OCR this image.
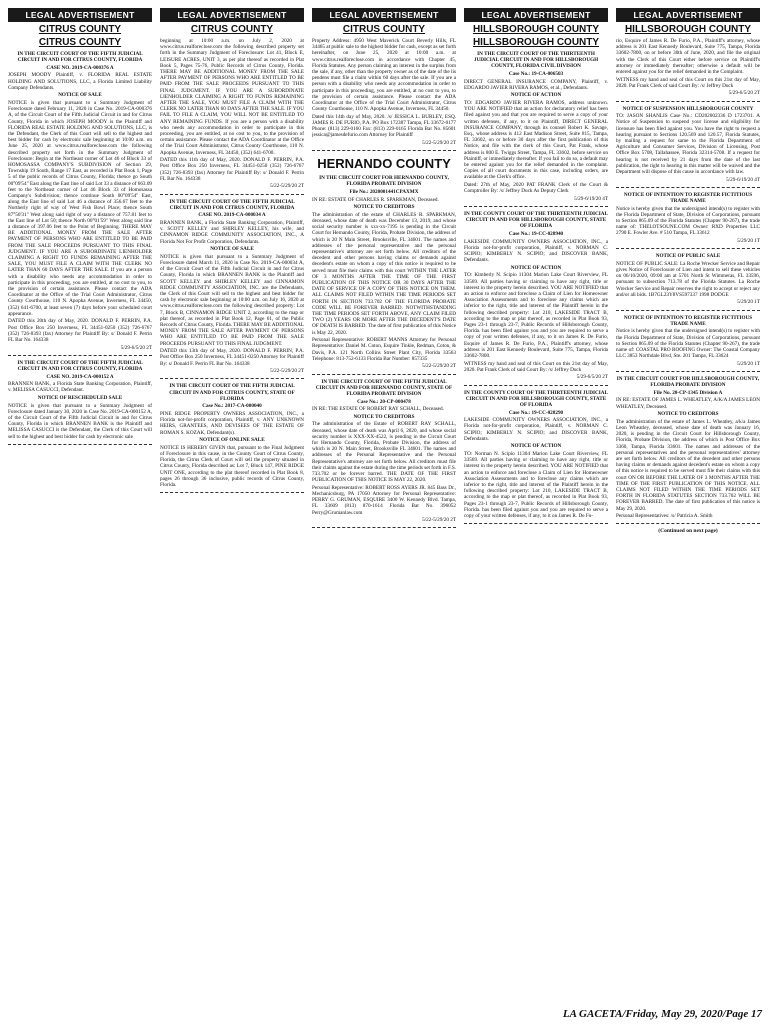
LEGAL ADVERTISEMENT
CITRUS COUNTY
CITRUS COUNTY

IN THE CIRCUIT COURT OF THE FIFTH JUDICIAL CIRCUIT IN AND FOR CITRUS COUNTY, FLORIDA

CASE NO. 2019-CA-000376 A

JOSEPH MOODY Plaintiff, v. FLORIDA REAL ESTATE HOLDING AND SOLUTIONS, LLC, a Florida Limited Liability Company Defendants.

NOTICE OF SALE

NOTICE is given that pursuant to a Summary Judgment of Foreclosure dated February 11, 2020 in Case No. 2019-CA-000376 A, of the Circuit Court of the Fifth Judicial Circuit in and for Citrus County, Florida in which JOSEPH MOODY is the Plaintiff and FLORIDA REAL ESTATE HOLDING AND SOLUTIONS, LLC, is the Defendant, the Clerk of this Court will sell to the highest and best bidder for cash by electronic sale beginning at 10:00 a.m. on June 25, 2020 at www.citrus.realforeclose.com the following described property set forth in the Summary Judgment of Foreclosure: Begin at the Northeast corner of Lot 46 of Block 33 of HOMOSASSA COMPANY'S SUBDIVISION of Section 29, Township 19 South, Range 17 East, as recorded in Plat Book 1, Page 5 of the public records of Citrus County, Florida; thence go South 00°09'54" East along the East line of said Lot 33 a distance of 663.09 feet to the Northeast corner of Lot 46 Block 33 of Homosassa Company's Subdivision; thence continue South 00°09'54" East, along the East line of said Lot 46 a distance of 356.67 feet to the Northerly right of way of West Fish Bowl Place; thence South 87°50'31" West along said right of way a distance of 757.81 feet to the East line of Lot 50; thence North 00°01'59" West along said line a distance of 397.06 feet to the Point of Beginning. THERE MAY BE ADDITIONAL MONEY FROM THE SALE AFTER PAYMENT OF PERSONS WHO ARE ENTITLED TO BE PAID FROM THE SALE PROCEEDS PURSUANT TO THIS FINAL JUDGMENT. IF YOU ARE A SUBORDINATE LIENHOLDER CLAIMING A RIGHT TO FUNDS REMAINING AFTER THE SALE, YOU MUST FILE A CLAIM WITH THE CLERK NO LATER THAN 60 DAYS AFTER THE SALE. If you are a person with a disability who needs any accommodation in order to participate in this proceeding, you are entitled, at no cost to you, to the provision of certain assistance. Please contact the ADA Coordinator at the Office of the Trial Court Administrator, Citrus County Courthouse, 110 N. Apopka Avenue, Inverness, FL 34450, (352) 641-6700, at least seven (7) days before your scheduled court appearance.

DATED this 20th day of May, 2020. DONALD F. PERRIN, P.A. Post Office Box 250 Inverness, FL 34451-0250 (352) 726-6767 (352) 726-8393 (fax) Attorney for Plaintiff By: s/ Donald F. Perrin FL Bar No. 164338

5/29-6/5/20 2T

IN THE CIRCUIT COURT OF THE FIFTH JUDICIAL CIRCUIT IN AND FOR CITRUS COUNTY, FLORIDA

CASE NO. 2019-CA-000152 A

BRANNEN BANK, a Florida State Banking Corporation, Plaintiff, v. MELISSA CASUCCI, Defendant.

NOTICE OF RESCHEDULED SALE

NOTICE is given that pursuant to a Summary Judgment of Foreclosure dated January 30, 2020 in Case No. 2019-CA-000152 A, of the Circuit Court of the Fifth Judicial Circuit in and for Citrus County, Florida in which BRANNEN BANK is the Plaintiff and MELISSA CASUCCI is the Defendant, the Clerk of this Court will sell to the highest and best bidder for cash by electronic sale

LEGAL ADVERTISEMENT
CITRUS COUNTY

beginning at 10:00 a.m. on July 2, 2020 at www.citrus.realforeclose.com the following described property set forth in the Summary Judgment of Foreclosure: Lot 41, Block E, LEISURE ACRES, UNIT 3, as per plat thereof as recorded in Plat Book 5, Pages 75-76, Public Records of Citrus County, Florida. THERE MAY BE ADDITIONAL MONEY FROM THE SALE AFTER PAYMENT OF PERSONS WHO ARE ENTITLED TO BE PAID FROM THE SALE PROCEEDS PURSUANT TO THIS FINAL JUDGMENT. IF YOU ARE A SUBORDINATE LIENHOLDER CLAIMING A RIGHT TO FUNDS REMAINING AFTER THE SALE, YOU MUST FILE A CLAIM WITH THE CLERK NO LATER THAN 60 DAYS AFTER THE SALE. IF YOU FAIL TO FILE A CLAIM, YOU WILL NOT BE ENTITLED TO ANY REMAINING FUNDS. If you are a person with a disability who needs any accommodation in order to participate in this proceeding, you are entitled, at no cost to you, to the provision of certain assistance. Please contact the ADA Coordinator at the Office of the Trial Court Administrator, Citrus County Courthouse, 110 N. Apopka Avenue, Inverness, FL 34450, (352) 641-6700.

DATED this 11th day of May, 2020. DONALD F. PERRIN, P.A. Post Office Box 250 Inverness, FL 34451-0250 (352) 726-6767 (352) 726-8393 (fax) Attorney for Plaintiff By: s/ Donald F. Perrin FL Bar No. 164338

5/22-5/29/20 2T

IN THE CIRCUIT COURT OF THE FIFTH JUDICIAL CIRCUIT IN AND FOR CITRUS COUNTY, FLORIDA

CASE NO. 2019-CA-000034 A

BRANNEN BANK, a Florida State Banking Corporation, Plaintiff, v. SCOTT KELLEY and SHIRLEY KELLEY, his wife, and CINNAMON RIDGE COMMUNITY ASSOCIATION, INC., A Florida Not For Profit Corporation, Defendants.

NOTICE OF SALE

NOTICE is given that pursuant to a Summary Judgment of Foreclosure dated March 11, 2020 in Case No. 2019-CA-000034 A, of the Circuit Court of the Fifth Judicial Circuit in and for Citrus County, Florida in which BRANNEN BANK is the Plaintiff and SCOTT KELLEY and SHIRLEY KELLEY and CINNAMON RIDGE COMMUNITY ASSOCIATION, INC. are the Defendants, the Clerk of this Court will sell to the highest and best bidder for cash by electronic sale beginning at 10:00 a.m. on July 16, 2020 at www.citrus.realforeclose.com the following described property: Lot 7, Block B, CINNAMON RIDGE UNIT 2, according to the map or plat thereof, as recorded in Plat Book 12, Page 61, of the Public Records of Citrus County, Florida. THERE MAY BE ADDITIONAL MONEY FROM THE SALE AFTER PAYMENT OF PERSONS WHO ARE ENTITLED TO BE PAID FROM THE SALE PROCEEDS PURSUANT TO THIS FINAL JUDGMENT.

DATED this 13th day of May, 2020. DONALD F. PERRIN, P.A. Post Office Box 250 Inverness, FL 34451-0250 Attorney for Plaintiff By: s/ Donald F. Perrin FL Bar No. 164338

5/22-5/29/20 2T

IN THE CIRCUIT COURT OF THE FIFTH JUDICIAL CIRCUIT IN AND FOR CITRUS COUNTY, STATE OF FLORIDA

Case No.: 2017-CA-000040

PINE RIDGE PROPERTY OWNERS ASSOCIATION, INC., a Florida not-for-profit corporation, Plaintiff, v. ANY UNKNOWN HEIRS, GRANTEES, AND DEVISEES OF THE ESTATE OF ROMAN S. KOZAK, Defendant(s).

NOTICE OF ONLINE SALE

NOTICE IS HEREBY GIVEN that, pursuant to the Final Judgment of Foreclosure in this cause, in the County Court of Citrus County, Florida, the Citrus Clerk of Court will sell the property situated in Citrus County, Florida described as: Lot 7, Block 147, PINE RIDGE UNIT ONE, according to the plat thereof recorded in Plat Book 8, pages 26 through 36 inclusive, public records of Citrus County, Florida.

LEGAL ADVERTISEMENT
CITRUS COUNTY

Property Address: 4950 West Maverick Court Beverly Hills, FL 34465 at public sale to the highest bidder for cash, except as set forth hereinafter, on June 25, 2020 at 10:00 a.m. at www.citrus.realforeclose.com in accordance with Chapter 45, Florida Statutes. Any person claiming an interest in the surplus from the sale, if any, other than the property owner as of the date of the lis pendens must file a claim within 60 days after the sale. If you are a person with a disability who needs any accommodation in order to participate in this proceeding, you are entitled, at no cost to you, to the provision of certain assistance. Please contact the ADA Coordinator at the Office of the Trial Court Administrator, Citrus County Courthouse, 110 N. Apopka Avenue, Inverness, FL 34450.

Dated this 14th day of May, 2020. /s/ JESSICA L. BURLEY, ESQ. JAMES R. DE FURIO, P.A. PO Box 172387 Tampa, FL 33672-0177 Phone: (813) 229-0160 Fax: (813) 229-0165 Florida Bar No. 85601 jessica@jamesdefurio.com Attorney for Plaintiff

5/22-5/29/20 2T

HERNANDO COUNTY

IN THE CIRCUIT COURT FOR HERNANDO COUNTY, FLORIDA PROBATE DIVISION

File No.: 2020001441CPAXMX

IN RE: ESTATE OF CHARLES R. SPARKMAN, Deceased.

NOTICE TO CREDITORS

The administration of the estate of CHARLES R. SPARKMAN, deceased, whose date of death was December 13, 2019, and whose social security number is xxx-xx-7195 is pending in the Circuit Court for Hernando County, Florida, Probate Division, the address of which is 20 N Main Street, Brooksville, FL 34601. The names and addresses of the personal representative and the personal representative's attorney are set forth below. All creditors of the decedent and other persons having claims or demands against decedent's estate on whom a copy of this notice is required to be served must file their claims with this court WITHIN THE LATER OF 3 MONTHS AFTER THE TIME OF THE FIRST PUBLICATION OF THIS NOTICE OR 30 DAYS AFTER THE DATE OF SERVICE OF A COPY OF THIS NOTICE ON THEM. ALL CLAIMS NOT FILED WITHIN THE TIME PERIODS SET FORTH IN SECTION 733.702 OF THE FLORIDA PROBATE CODE WILL BE FOREVER BARRED. NOTWITHSTANDING THE TIME PERIODS SET FORTH ABOVE, ANY CLAIM FILED TWO (2) YEARS OR MORE AFTER THE DECEDENT'S DATE OF DEATH IS BARRED. The date of first publication of this Notice is May 22, 2020.

Personal Representative: ROBERT MANNS Attorney for Personal Representative: Daniel M. Coton, Esquire Tinkle, Redman, Coton, & Davis, P.A. 121 North Collins Street Plant City, Florida 33563 Telephone: 813-752-6133 Florida Bar Number: 857335

5/22-5/29/20 2T

IN THE CIRCUIT COURT OF THE FIFTH JUDICIAL CIRCUIT IN AND FOR HERNANDO COUNTY, STATE OF FLORIDA PROBATE DIVISION

Case No.: 20-CP-000478

IN RE: THE ESTATE OF ROBERT RAY SCHALL, Deceased.

NOTICE TO CREDITORS

The administration of the Estate of ROBERT RAY SCHALL, deceased, whose date of death was April 6, 2020, and whose social security number is XXX-XX-4522, is pending in the Circuit Court for Hernando County, Florida, Probate Division, the address of which is 20 N. Main Street, Brooksville FL 34601. The names and addresses of the Personal Representative and the Personal Representative's attorney are set forth below. All creditors must file their claims against the estate during the time periods set forth in F.S. 733.702 or be forever barred. THE DATE OF THE FIRST PUBLICATION OF THIS NOTICE IS MAY 22, 2020.

Personal Representative: ROBERT ROSS AYERS JR. 845 Bass Dr., Mechanicsburg, PA 17050 Attorney for Personal Representative: PERRY G. GRUMAN, ESQUIRE 3400 W. Kennedy Blvd. Tampa, FL 33609 (813) 870-1614 Florida Bar No. 396052 Perry@Grumanlaw.com

5/22-5/29/20 2T

LEGAL ADVERTISEMENT
HILLSBOROUGH COUNTY
HILLSBOROUGH COUNTY

IN THE CIRCUIT COURT OF THE THIRTEENTH JUDICIAL CIRCUIT IN AND FOR HILLSBOROUGH COUNTY, FLORIDA CIVIL DIVISION

Case No.: 19-CA-006503

DIRECT GENERAL INSURANCE COMPANY, Plaintiff, v. EDGARDO JAVIER RIVERA RAMOS, et al., Defendants.

NOTICE OF ACTION

TO: EDGARDO JAVIER RIVERA RAMOS, address unknown. YOU ARE NOTIFIED that an action for declaratory relief has been filed against you and that you are required to serve a copy of your written defenses, if any, to it on Plaintiff, DIRECT GENERAL INSURANCE COMPANY, through its counsel Robert K. Savage, Esq., whose address is 412 East Madison Street, Suite 815, Tampa, FL 33602, on or before 30 days after the first publication of this Notice, and file with the clerk of this Court, Pat Frank, whose address is 800 E. Twiggs Street, Tampa, FL 33602, before service on Plaintiff, or immediately thereafter. If you fail to do so, a default may be entered against you for the relief demanded in the complaint. Copies of all court documents in this case, including orders, are available at the Clerk's office.

Dated: 27th of May, 2020 PAT FRANK Clerk of the Court & Comptroller By: /s/ Jeffrey Duck As Deputy Clerk

5/29-6/19/20 4T

IN THE COUNTY COURT OF THE THIRTEENTH JUDICIAL CIRCUIT IN AND FOR HILLSBOROUGH COUNTY, STATE OF FLORIDA

Case No.: 19-CC-028940

LAKESIDE COMMUNITY OWNERS ASSOCIATION, INC., a Florida not-for-profit corporation, Plaintiff, v. NORMAN C. SCIPIO; KIMBERLY N. SCIPIO; and DISCOVER BANK, Defendants.

NOTICE OF ACTION

TO: Kimberly N. Scipio 11304 Marion Lake Court Riverview, FL 33569. All parties having or claiming to have any right, title or interest in the property herein described. YOU ARE NOTIFIED that an action to enforce and foreclose a Claim of Lien for Homeowner Association Assessments and to foreclose any claims which are inferior to the right, title and interest of the Plaintiff herein in the following described property: Lot 210, LAKESIDE TRACT B, according to the map or plat thereof, as recorded in Plat Book 93, Pages 23-1 through 23-7, Public Records of Hillsborough County, Florida. has been filed against you and you are required to serve a copy of your written defenses, if any, to it on James R. De Furio, Esquire of James R. De Furio, P.A., Plaintiff's attorney, whose address is 201 East Kennedy Boulevard, Suite 775, Tampa, Florida 33602-7800.

WITNESS my hand and seal of this Court on this 21st day of May, 2020. Pat Frank Clerk of said Court By: /s/ Jeffrey Duck

5/29-6/5/20 2T

IN THE COUNTY COURT OF THE THIRTEENTH JUDICIAL CIRCUIT IN AND FOR HILLSBOROUGH COUNTY, STATE OF FLORIDA

Case No.: 19-CC-028290

LAKESIDE COMMUNITY OWNERS ASSOCIATION, INC., a Florida not-for-profit corporation, Plaintiff, v. NORMAN C. SCIPIO; KIMBERLY N. SCIPIO; and DISCOVER BANK, Defendants.

NOTICE OF ACTION

TO: Norman N. Scipio 11304 Marion Lake Court Riverview, FL 33569. All parties having or claiming to have any right, title or interest in the property herein described. YOU ARE NOTIFIED that an action to enforce and foreclose a Claim of Lien for Homeowner Association Assessments and to foreclose any claims which are inferior to the right, title and interest of the Plaintiff herein in the following described property: Lot 210, LAKESIDE TRACT B, according to the map or plat thereof, as recorded in Plat Book 93, Pages 23-1 through 23-7, Public Records of Hillsborough County, Florida. has been filed against you and you are required to serve a copy of your written defenses, if any, to it on James R. De Fu-

LEGAL ADVERTISEMENT
HILLSBOROUGH COUNTY

rio, Esquire of James R. De Furio, P.A., Plaintiff's attorney, whose address is 201 East Kennedy Boulevard, Suite 775, Tampa, Florida 33602-7800, on or before 30th of June, 2020, and file the original with the Clerk of this Court either before service on Plaintiff's attorney or immediately thereafter; otherwise a default will be entered against you for the relief demanded in the Complaint.

WITNESS my hand and seal of this Court on this 21st day of May, 2020. Pat Frank Clerk of said Court By: /s/ Jeffrey Duck

5/29-6/5/20 2T

NOTICE OF SUSPENSION HILLSBOROUGH COUNTY

TO: JASON SHANLIS Case No.: CD202002336 D 1723701. A Notice of Suspension to suspend your license and eligibility for licensure has been filed against you. You have the right to request a hearing pursuant to Sections 120.569 and 120.57, Florida Statutes, by mailing a request for same to the Florida Department of Agriculture and Consumer Services, Division of Licensing, Post Office Box 5708, Tallahassee, Florida 32314-5708. If a request for hearing is not received by 21 days from the date of the last publication, the right to hearing in this matter will be waived and the Department will dispose of this cause in accordance with law.

5/29-6/19/20 4T

NOTICE OF INTENTION TO REGISTER FICTITIOUS TRADE NAME

Notice is hereby given that the undersigned intend(s) to register with the Florida Department of State, Division of Corporations, pursuant to Section 865.09 of the Florida Statutes (Chapter 90-267), the trade name of: THELOTSOUNE.COM Owner: RXD Properties LLC 2790 E. Fowler Ave. # 510 Tampa, FL 33612

5/29/20 1T

NOTICE OF PUBLIC SALE

NOTICE OF PUBLIC SALE: La Roche Wrecker Service and Repair gives Notice of Foreclosure of Lien and intent to sell these vehicles on 06/10/2020, 09:00 am at 5701 North St Wimmeras, FL 33596, pursuant to subsection 713.78 of the Florida Statutes. La Roche Wrecker Service and Repair reserves the right to accept or reject any and/or all bids. 1B7GL23Y8VS597337 1998 DODGE

5/29/20 1T

NOTICE OF INTENTION TO REGISTER FICTITIOUS TRADE NAME

Notice is hereby given that the undersigned intend(s) to register with the Florida Department of State, Division of Corporations, pursuant to Section 865.09 of the Florida Statutes (Chapter 90-267), the trade name of: COASTAL PRO ROOFING Owner: The Coastal Company LLC 3853 Northdale Blvd, Ste. 201 Tampa, FL 33624

5/29/20 1T

IN THE CIRCUIT COURT FOR HILLSBOROUGH COUNTY, FLORIDA PROBATE DIVISION

File No. 20-CP-1345 Division A

IN RE: ESTATE OF JAMES L. WHEATLEY, A/K/A JAMES LEON WHEATLEY, Deceased.

NOTICE TO CREDITORS

The administration of the estate of James L. Wheatley, a/k/a James Leon Wheatley, deceased, whose date of death was January 16, 2020, is pending in the Circuit Court for Hillsborough County, Florida, Probate Division, the address of which is Post Office Box 3360, Tampa, Florida 33601. The names and addresses of the personal representatives and the personal representatives' attorney are set forth below. All creditors of the decedent and other persons having claims or demands against decedent's estate on whom a copy of this notice is required to be served must file their claims with this court ON OR BEFORE THE LATER OF 3 MONTHS AFTER THE TIME OF THE FIRST PUBLICATION OF THIS NOTICE. ALL CLAIMS NOT FILED WITHIN THE TIME PERIODS SET FORTH IN FLORIDA STATUTES SECTION 733.702 WILL BE FOREVER BARRED. The date of first publication of this notice is May 29, 2020.

Personal Representatives: /s/ Patricia A. Smith

(Continued on next page)
LA GACETA/Friday, May 29, 2020/Page 17
